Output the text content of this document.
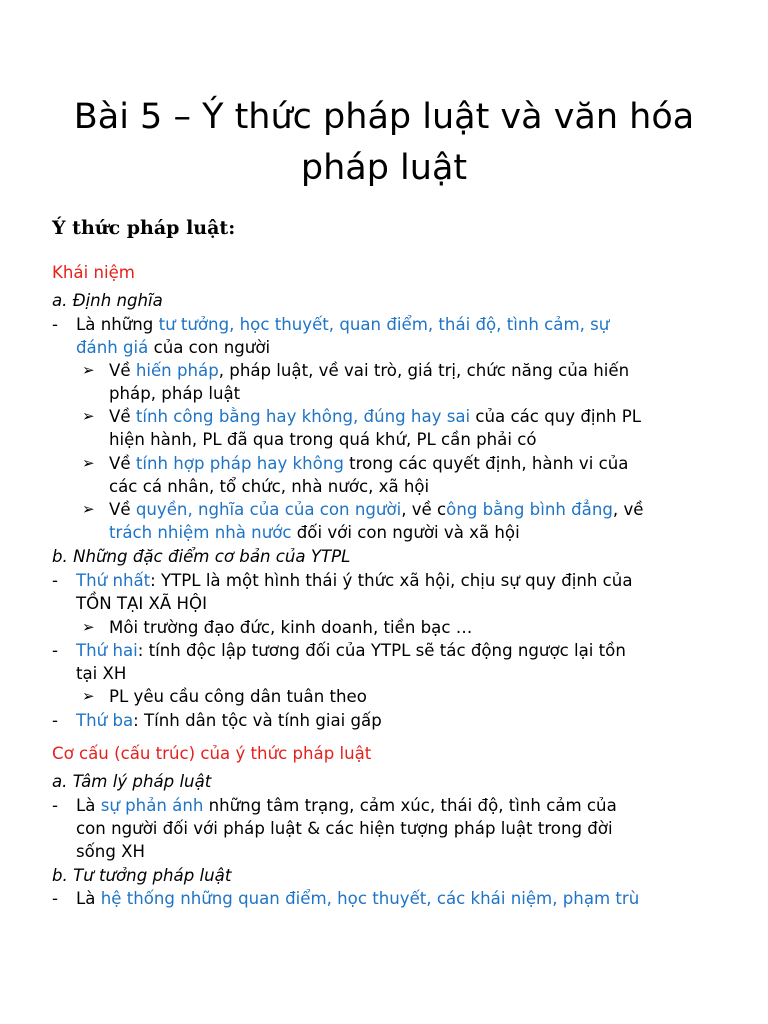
Bài 5 – Ý thức pháp luật và văn hóa
pháp luật
Ý thức pháp luật:
Khái niệm
a. Định nghĩa
- Là những tư tưởng, học thuyết, quan điểm, thái độ, tình cảm, sự
đánh giá của con người
➢ Về hiến pháp, pháp luật, về vai trò, giá trị, chức năng của hiến
pháp, pháp luật
➢ Về tính công bằng hay không, đúng hay sai của các quy định PL
hiện hành, PL đã qua trong quá khứ, PL cần phải có
➢ Về tính hợp pháp hay không trong các quyết định, hành vi của
các cá nhân, tổ chức, nhà nước, xã hội
➢ Về quyền, nghĩa của của con người, về công bằng bình đẳng, về
trách nhiệm nhà nước đối với con người và xã hội
b. Những đặc điểm cơ bản của YTPL
- Thứ nhất: YTPL là một hình thái ý thức xã hội, chịu sự quy định của
TỒN TẠI XÃ HỘI
➢ Môi trường đạo đức, kinh doanh, tiền bạc …
- Thứ hai: tính độc lập tương đối của YTPL sẽ tác động ngược lại tồn
tại XH
➢ PL yêu cầu công dân tuân theo
- Thứ ba: Tính dân tộc và tính giai gấp
Cơ cấu (cấu trúc) của ý thức pháp luật
a. Tâm lý pháp luật
- Là sự phản ánh những tâm trạng, cảm xúc, thái độ, tình cảm của
con người đối với pháp luật & các hiện tượng pháp luật trong đời
sống XH
b. Tư tưởng pháp luật
- Là hệ thống những quan điểm, học thuyết, các khái niệm, phạm trù
